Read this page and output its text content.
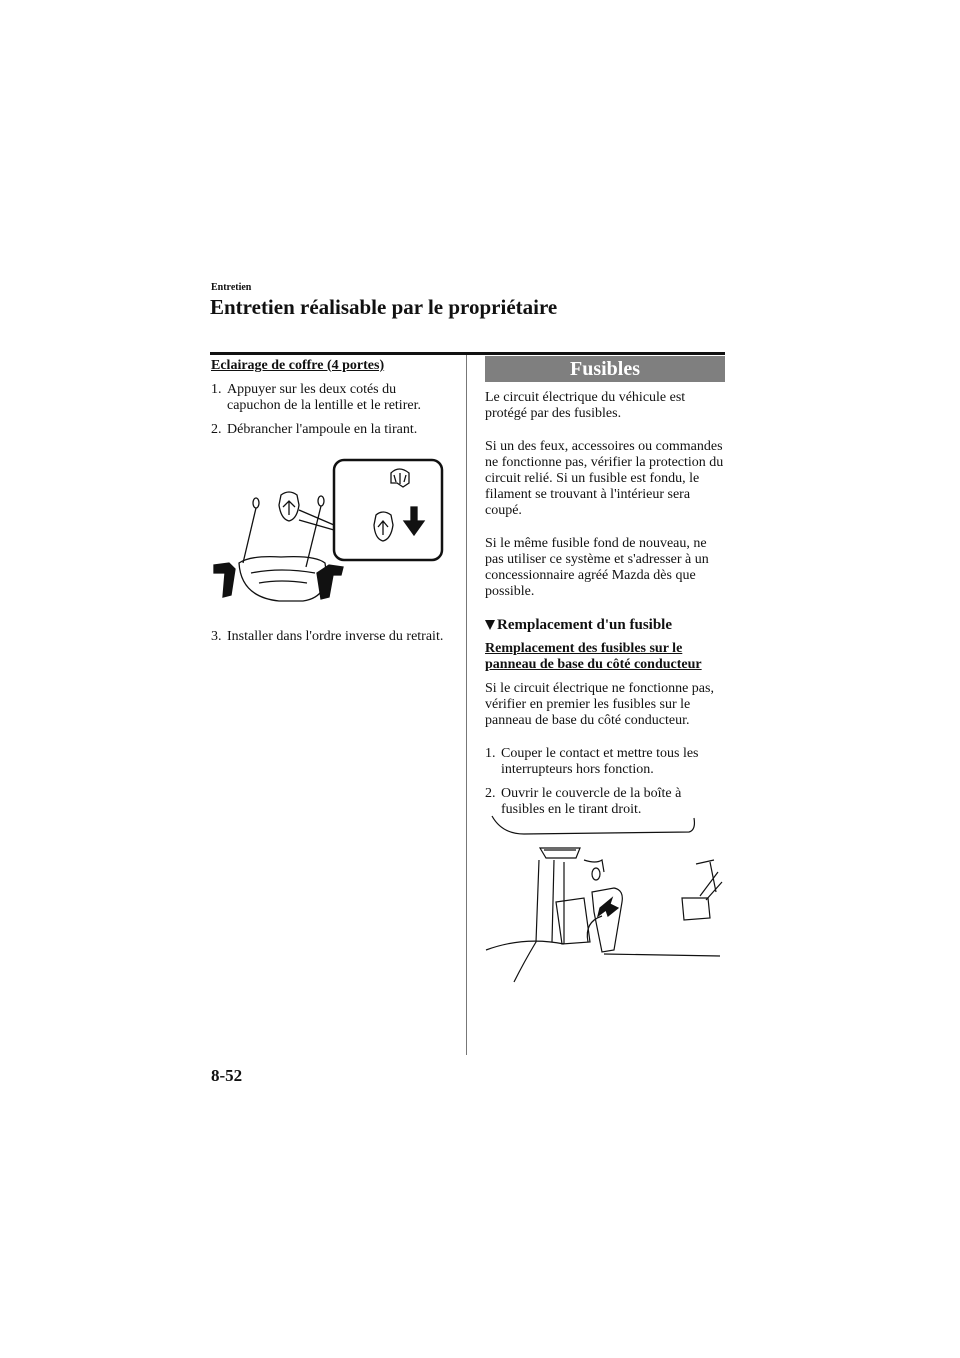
Entretien
Entretien réalisable par le propriétaire

Eclairage de coffre (4 portes)

1. Appuyer sur les deux cotés du capuchon de la lentille et le retirer.
2. Débrancher l'ampoule en la tirant.
3. Installer dans l'ordre inverse du retrait.
Fusibles

Le circuit électrique du véhicule est protégé par des fusibles.

Si un des feux, accessoires ou commandes ne fonctionne pas, vérifier la protection du circuit relié. Si un fusible est fondu, le filament se trouvant à l'intérieur sera coupé.

Si le même fusible fond de nouveau, ne pas utiliser ce système et s'adresser à un concessionnaire agréé Mazda dès que possible.

Remplacement d'un fusible

Remplacement des fusibles sur le panneau de base du côté conducteur

Si le circuit électrique ne fonctionne pas, vérifier en premier les fusibles sur le panneau de base du côté conducteur.

1. Couper le contact et mettre tous les interrupteurs hors fonction.
2. Ouvrir le couvercle de la boîte à fusibles en le tirant droit.
8-52
